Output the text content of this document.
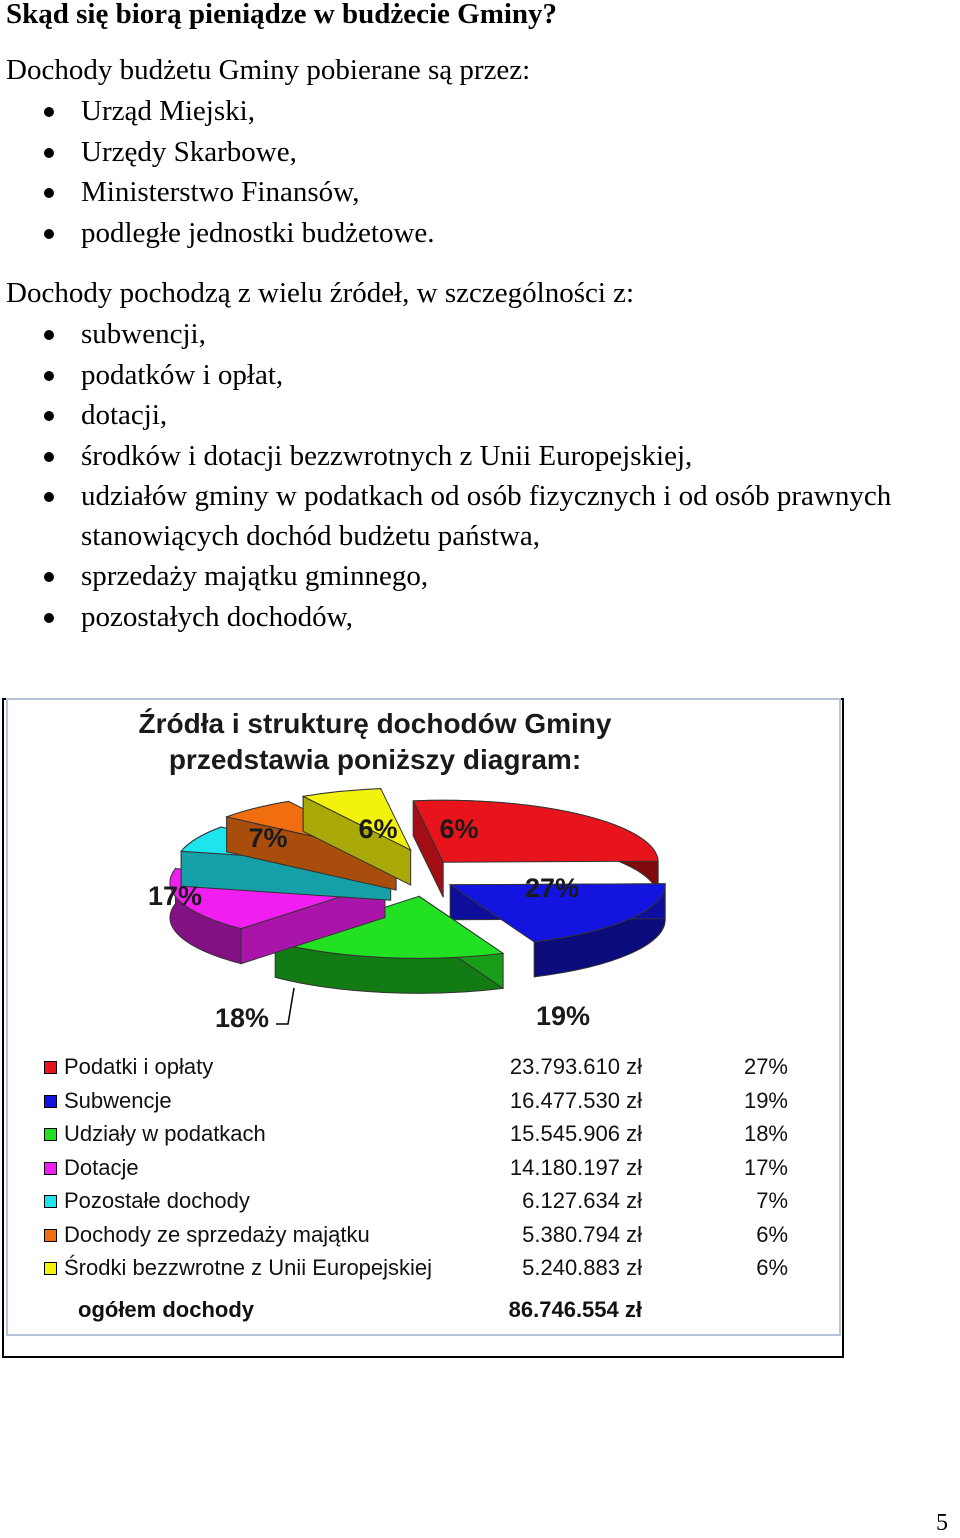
Skąd się biorą pieniądze w budżecie Gminy?

Dochody budżetu Gminy pobierane są przez:

Urząd Miejski,
Urzędy Skarbowe,
Ministerstwo Finansów,
podległe jednostki budżetowe.

Dochody pochodzą z wielu źródeł, w szczególności z:

subwencji,
podatków i opłat,
dotacji,
środków i dotacji bezzwrotnych z Unii Europejskiej,
udziałów gminy w podatkach od osób fizycznych i od osób prawnych stanowiących dochód budżetu państwa,
sprzedaży majątku gminnego,
pozostałych dochodów,

Źródła i strukturę dochodów Gminy

przedstawia poniższy diagram:

27%
19%
18%
17%
7%	6% 6%
Podatki i opłaty	23.793.610 zł	27%
Subwencje	16.477.530 zł	19%
Udziały w podatkach	15.545.906 zł	18%
Dotacje	14.180.197 zł	17%
Pozostałe dochody	6.127.634 zł	7%
Dochody ze sprzedaży majątku	5.380.794 zł	6%
Środki bezzwrotne z Unii Europejskiej	5.240.883 zł	6%
ogółem dochody	86.746.554 zł
5
